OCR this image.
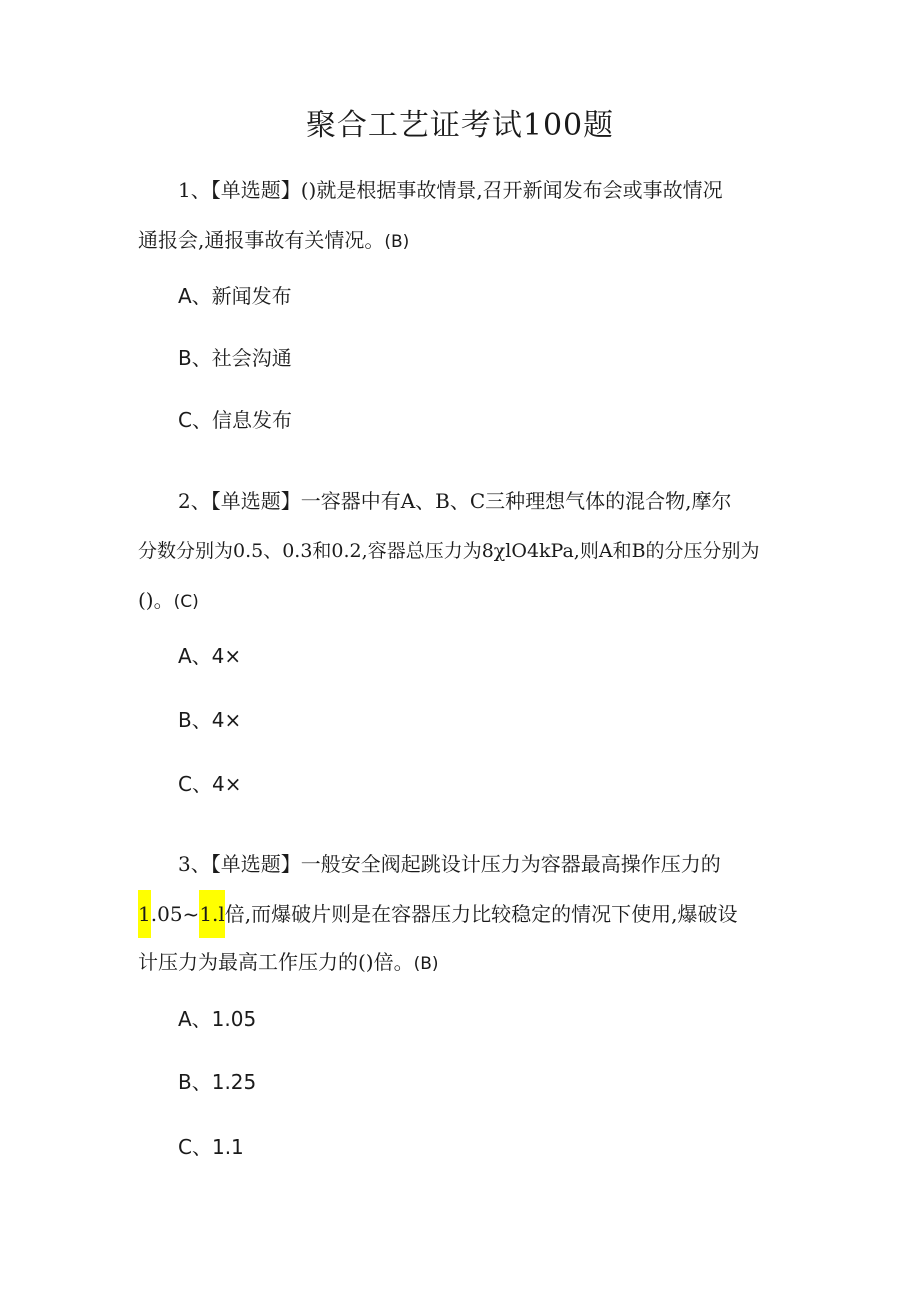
聚合工艺证考试100题
1、【单选题】()就是根据事故情景,召开新闻发布会或事故情况
通报会,通报事故有关情况。(B)
A、新闻发布
B、社会沟通
C、信息发布
2、【单选题】一容器中有A、B、C三种理想气体的混合物,摩尔
分数分别为0.5、0.3和0.2,容器总压力为8χlO4kPa,则A和B的分压分别为
()。(C)
A、4×
B、4×
C、4×
3、【单选题】一般安全阀起跳设计压力为容器最高操作压力的
1.05~1.l倍,而爆破片则是在容器压力比较稳定的情况下使用,爆破设
计压力为最高工作压力的()倍。(B)
A、1.05
B、1.25
C、1.1
